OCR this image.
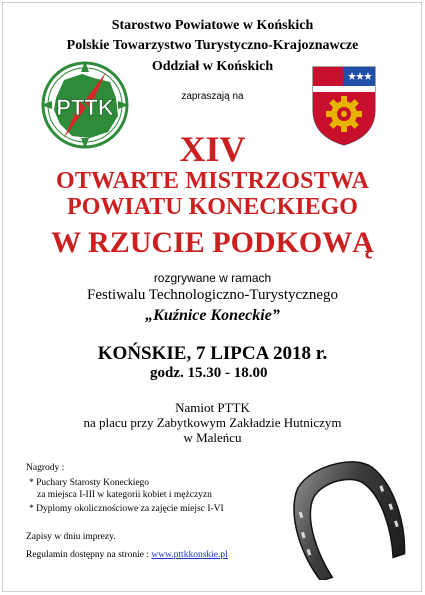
Starostwo Powiatowe w Końskich
Polskie Towarzystwo Turystyczno-Krajoznawcze
Oddział w Końskich
zapraszają na
PTTK
XIV
OTWARTE MISTRZOSTWA
POWIATU KONECKIEGO
W RZUCIE PODKOWĄ
rozgrywane w ramach
Festiwalu Technologiczno-Turystycznego
„Kuźnice Koneckie”
KOŃSKIE, 7 LIPCA 2018 r.
godz. 15.30 - 18.00
Namiot PTTK
na placu przy Zabytkowym Zakładzie Hutniczym
w Maleńcu
Nagrody :
* Puchary Starosty Koneckiego
za miejsca I-III w kategorii kobiet i mężczyzn
* Dyplomy okolicznościowe za zajęcie miejsc I-VI
Zapisy w dniu imprezy.
Regulamin dostępny na stronie : www.pttkkonskie.pl
